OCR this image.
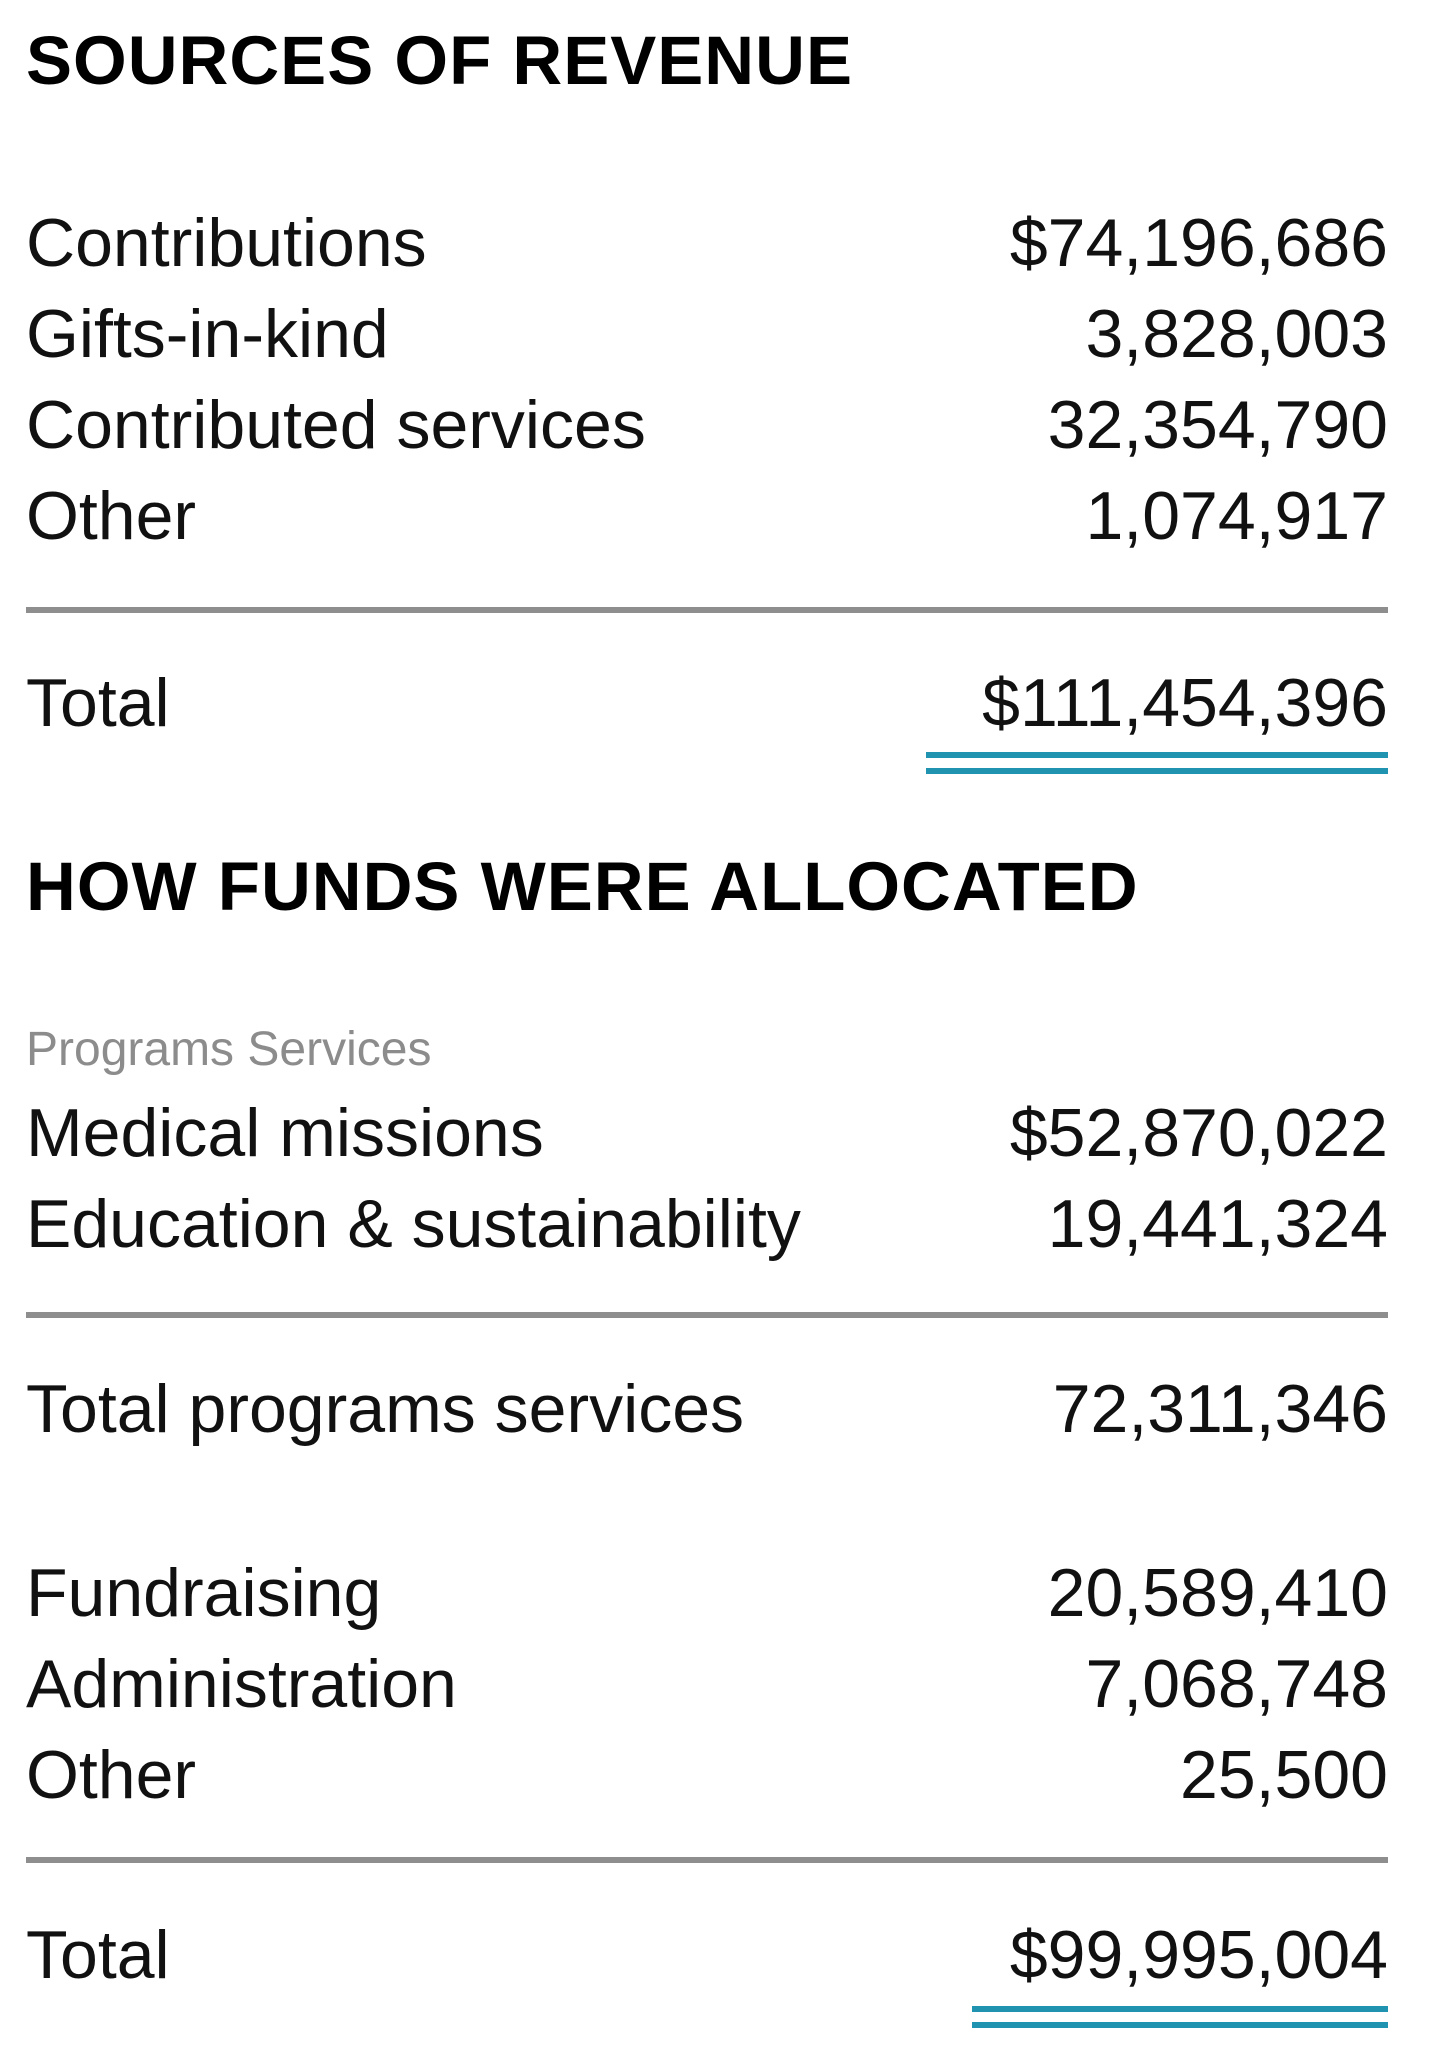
SOURCES OF REVENUE
Contributions	$74,196,686
Gifts-in-kind	3,828,003
Contributed services	32,354,790
Other	1,074,917
Total	$111,454,396
HOW FUNDS WERE ALLOCATED
Programs Services
Medical missions	$52,870,022
Education & sustainability	19,441,324
Total programs services	72,311,346
Fundraising	20,589,410
Administration	7,068,748
Other	25,500
Total	$99,995,004
